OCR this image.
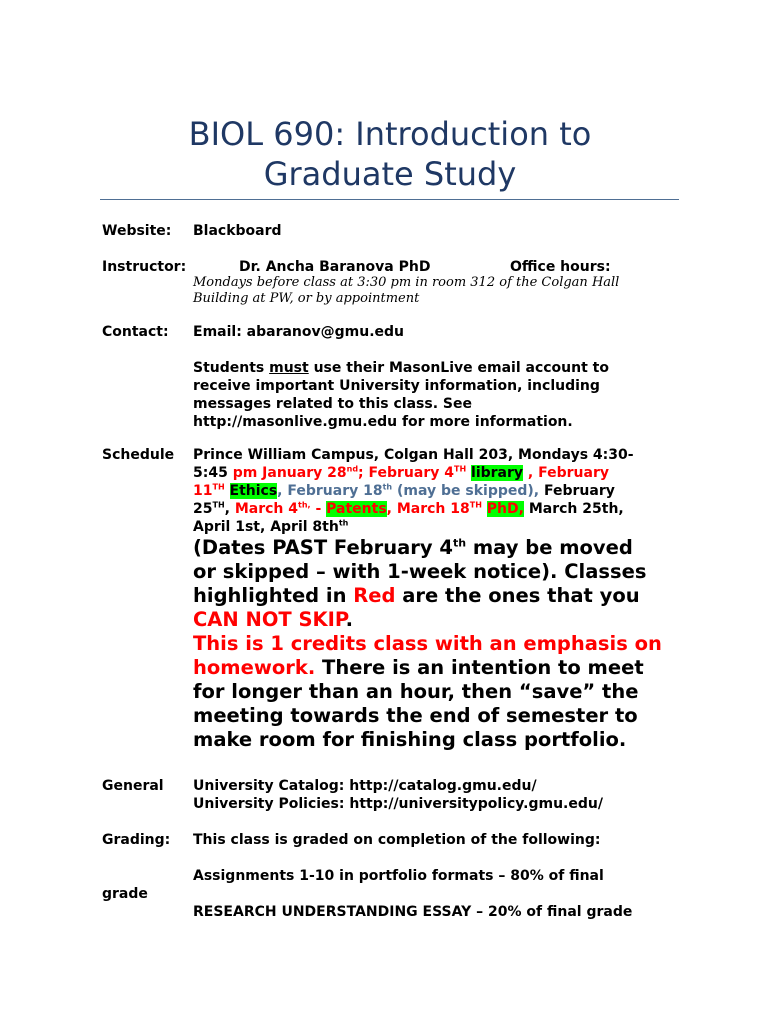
BIOL 690: Introduction to
Graduate Study
Website: Blackboard
Instructor:	Dr. Ancha Baranova PhD	Office hours:
Mondays before class at 3:30 pm in room 312 of the Colgan Hall
Building at PW, or by appointment
Contact: Email: abaranov@gmu.edu
Students must use their MasonLive email account to
receive important University information, including
messages related to this class. See
http://masonlive.gmu.edu for more information.
Schedule Prince William Campus, Colgan Hall 203, Mondays 4:30-
5:45 pm January 28nd; February 4TH library , February
11TH Ethics, February 18th (may be skipped), February
25TH, March $4^{th,}$ - Patents, March 18TH PhD, March 25th,
April 1st, April $8th^{th}$
(Dates PAST February 4th may be moved
or skipped – with 1-week notice). Classes
highlighted in Red are the ones that you
CAN NOT SKIP.
This is 1 credits class with an emphasis on
homework. There is an intention to meet
for longer than an hour, then “save” the
meeting towards the end of semester to
make room for finishing class portfolio.
General University Catalog: http://catalog.gmu.edu/
University Policies: http://universitypolicy.gmu.edu/
Grading: This class is graded on completion of the following:
Assignments 1-10 in portfolio formats – 80% of final
grade
RESEARCH UNDERSTANDING ESSAY – 20% of final grade
